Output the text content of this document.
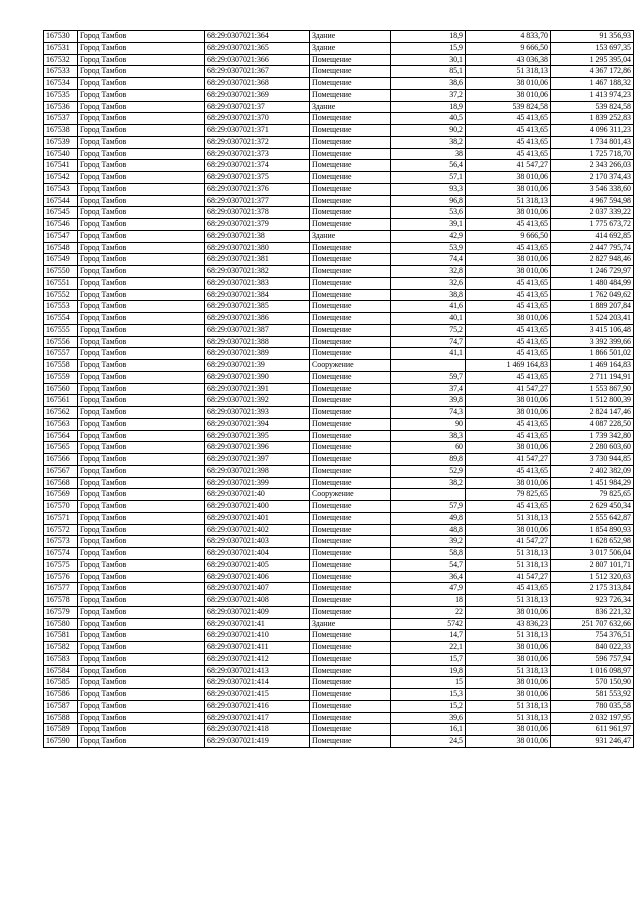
167530	Город Тамбов	68:29:0307021:364	Здание	18,9	4 833,70	91 356,93
167531	Город Тамбов	68:29:0307021:365	Здание	15,9	9 666,50	153 697,35
167532	Город Тамбов	68:29:0307021:366	Помещение	30,1	43 036,38	1 295 395,04
167533	Город Тамбов	68:29:0307021:367	Помещение	85,1	51 318,13	4 367 172,86
167534	Город Тамбов	68:29:0307021:368	Помещение	38,6	38 010,06	1 467 188,32
167535	Город Тамбов	68:29:0307021:369	Помещение	37,2	38 010,06	1 413 974,23
167536	Город Тамбов	68:29:0307021:37	Здание	18,9	539 824,58	539 824,58
167537	Город Тамбов	68:29:0307021:370	Помещение	40,5	45 413,65	1 839 252,83
167538	Город Тамбов	68:29:0307021:371	Помещение	90,2	45 413,65	4 096 311,23
167539	Город Тамбов	68:29:0307021:372	Помещение	38,2	45 413,65	1 734 801,43
167540	Город Тамбов	68:29:0307021:373	Помещение	38	45 413,65	1 725 718,70
167541	Город Тамбов	68:29:0307021:374	Помещение	56,4	41 547,27	2 343 266,03
167542	Город Тамбов	68:29:0307021:375	Помещение	57,1	38 010,06	2 170 374,43
167543	Город Тамбов	68:29:0307021:376	Помещение	93,3	38 010,06	3 546 338,60
167544	Город Тамбов	68:29:0307021:377	Помещение	96,8	51 318,13	4 967 594,98
167545	Город Тамбов	68:29:0307021:378	Помещение	53,6	38 010,06	2 037 339,22
167546	Город Тамбов	68:29:0307021:379	Помещение	39,1	45 413,65	1 775 673,72
167547	Город Тамбов	68:29:0307021:38	Здание	42,9	9 666,50	414 692,85
167548	Город Тамбов	68:29:0307021:380	Помещение	53,9	45 413,65	2 447 795,74
167549	Город Тамбов	68:29:0307021:381	Помещение	74,4	38 010,06	2 827 948,46
167550	Город Тамбов	68:29:0307021:382	Помещение	32,8	38 010,06	1 246 729,97
167551	Город Тамбов	68:29:0307021:383	Помещение	32,6	45 413,65	1 480 484,99
167552	Город Тамбов	68:29:0307021:384	Помещение	38,8	45 413,65	1 762 049,62
167553	Город Тамбов	68:29:0307021:385	Помещение	41,6	45 413,65	1 889 207,84
167554	Город Тамбов	68:29:0307021:386	Помещение	40,1	38 010,06	1 524 203,41
167555	Город Тамбов	68:29:0307021:387	Помещение	75,2	45 413,65	3 415 106,48
167556	Город Тамбов	68:29:0307021:388	Помещение	74,7	45 413,65	3 392 399,66
167557	Город Тамбов	68:29:0307021:389	Помещение	41,1	45 413,65	1 866 501,02
167558	Город Тамбов	68:29:0307021:39	Сооружение		1 469 164,83	1 469 164,83
167559	Город Тамбов	68:29:0307021:390	Помещение	59,7	45 413,65	2 711 194,91
167560	Город Тамбов	68:29:0307021:391	Помещение	37,4	41 547,27	1 553 867,90
167561	Город Тамбов	68:29:0307021:392	Помещение	39,8	38 010,06	1 512 800,39
167562	Город Тамбов	68:29:0307021:393	Помещение	74,3	38 010,06	2 824 147,46
167563	Город Тамбов	68:29:0307021:394	Помещение	90	45 413,65	4 087 228,50
167564	Город Тамбов	68:29:0307021:395	Помещение	38,3	45 413,65	1 739 342,80
167565	Город Тамбов	68:29:0307021:396	Помещение	60	38 010,06	2 280 603,60
167566	Город Тамбов	68:29:0307021:397	Помещение	89,8	41 547,27	3 730 944,85
167567	Город Тамбов	68:29:0307021:398	Помещение	52,9	45 413,65	2 402 382,09
167568	Город Тамбов	68:29:0307021:399	Помещение	38,2	38 010,06	1 451 984,29
167569	Город Тамбов	68:29:0307021:40	Сооружение		79 825,65	79 825,65
167570	Город Тамбов	68:29:0307021:400	Помещение	57,9	45 413,65	2 629 450,34
167571	Город Тамбов	68:29:0307021:401	Помещение	49,8	51 318,13	2 555 642,87
167572	Город Тамбов	68:29:0307021:402	Помещение	48,8	38 010,06	1 854 890,93
167573	Город Тамбов	68:29:0307021:403	Помещение	39,2	41 547,27	1 628 652,98
167574	Город Тамбов	68:29:0307021:404	Помещение	58,8	51 318,13	3 017 506,04
167575	Город Тамбов	68:29:0307021:405	Помещение	54,7	51 318,13	2 807 101,71
167576	Город Тамбов	68:29:0307021:406	Помещение	36,4	41 547,27	1 512 320,63
167577	Город Тамбов	68:29:0307021:407	Помещение	47,9	45 413,65	2 175 313,84
167578	Город Тамбов	68:29:0307021:408	Помещение	18	51 318,13	923 726,34
167579	Город Тамбов	68:29:0307021:409	Помещение	22	38 010,06	836 221,32
167580	Город Тамбов	68:29:0307021:41	Здание	5742	43 836,23	251 707 632,66
167581	Город Тамбов	68:29:0307021:410	Помещение	14,7	51 318,13	754 376,51
167582	Город Тамбов	68:29:0307021:411	Помещение	22,1	38 010,06	840 022,33
167583	Город Тамбов	68:29:0307021:412	Помещение	15,7	38 010,06	596 757,94
167584	Город Тамбов	68:29:0307021:413	Помещение	19,8	51 318,13	1 016 098,97
167585	Город Тамбов	68:29:0307021:414	Помещение	15	38 010,06	570 150,90
167586	Город Тамбов	68:29:0307021:415	Помещение	15,3	38 010,06	581 553,92
167587	Город Тамбов	68:29:0307021:416	Помещение	15,2	51 318,13	780 035,58
167588	Город Тамбов	68:29:0307021:417	Помещение	39,6	51 318,13	2 032 197,95
167589	Город Тамбов	68:29:0307021:418	Помещение	16,1	38 010,06	611 961,97
167590	Город Тамбов	68:29:0307021:419	Помещение	24,5	38 010,06	931 246,47
